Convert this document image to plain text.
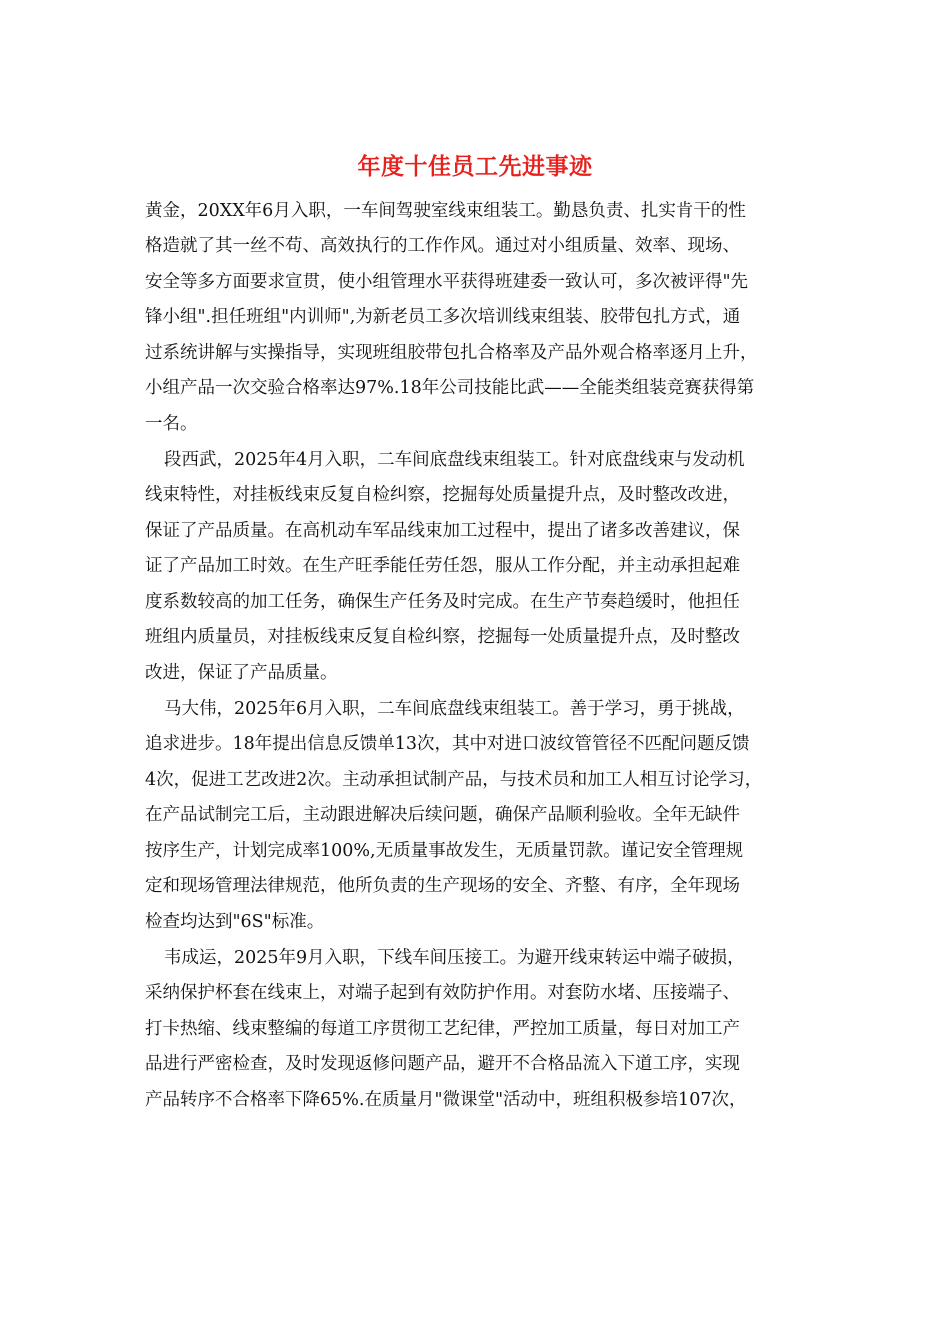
年度十佳员工先进事迹
黄金，20XX年6月入职，一车间驾驶室线束组装工。勤恳负责、扎实肯干的性
格造就了其一丝不苟、高效执行的工作作风。通过对小组质量、效率、现场、
安全等多方面要求宣贯，使小组管理水平获得班建委一致认可，多次被评得"先
锋小组".担任班组"内训师",为新老员工多次培训线束组装、胶带包扎方式，通
过系统讲解与实操指导，实现班组胶带包扎合格率及产品外观合格率逐月上升，
小组产品一次交验合格率达97%.18年公司技能比武——全能类组装竞赛获得第
一名。
段西武，2025年4月入职，二车间底盘线束组装工。针对底盘线束与发动机
线束特性，对挂板线束反复自检纠察，挖掘每处质量提升点，及时整改改进，
保证了产品质量。在高机动车军品线束加工过程中，提出了诸多改善建议，保
证了产品加工时效。在生产旺季能任劳任怨，服从工作分配，并主动承担起难
度系数较高的加工任务，确保生产任务及时完成。在生产节奏趋缓时，他担任
班组内质量员，对挂板线束反复自检纠察，挖掘每一处质量提升点，及时整改
改进，保证了产品质量。
马大伟，2025年6月入职，二车间底盘线束组装工。善于学习，勇于挑战，
追求进步。18年提出信息反馈单13次，其中对进口波纹管管径不匹配问题反馈
4次，促进工艺改进2次。主动承担试制产品，与技术员和加工人相互讨论学习，
在产品试制完工后，主动跟进解决后续问题，确保产品顺利验收。全年无缺件
按序生产，计划完成率100%,无质量事故发生，无质量罚款。谨记安全管理规
定和现场管理法律规范，他所负责的生产现场的安全、齐整、有序，全年现场
检查均达到"6S"标准。
韦成运，2025年9月入职，下线车间压接工。为避开线束转运中端子破损，
采纳保护杯套在线束上，对端子起到有效防护作用。对套防水堵、压接端子、
打卡热缩、线束整编的每道工序贯彻工艺纪律，严控加工质量，每日对加工产
品进行严密检查，及时发现返修问题产品，避开不合格品流入下道工序，实现
产品转序不合格率下降65%.在质量月"微课堂"活动中，班组积极参培107次，
